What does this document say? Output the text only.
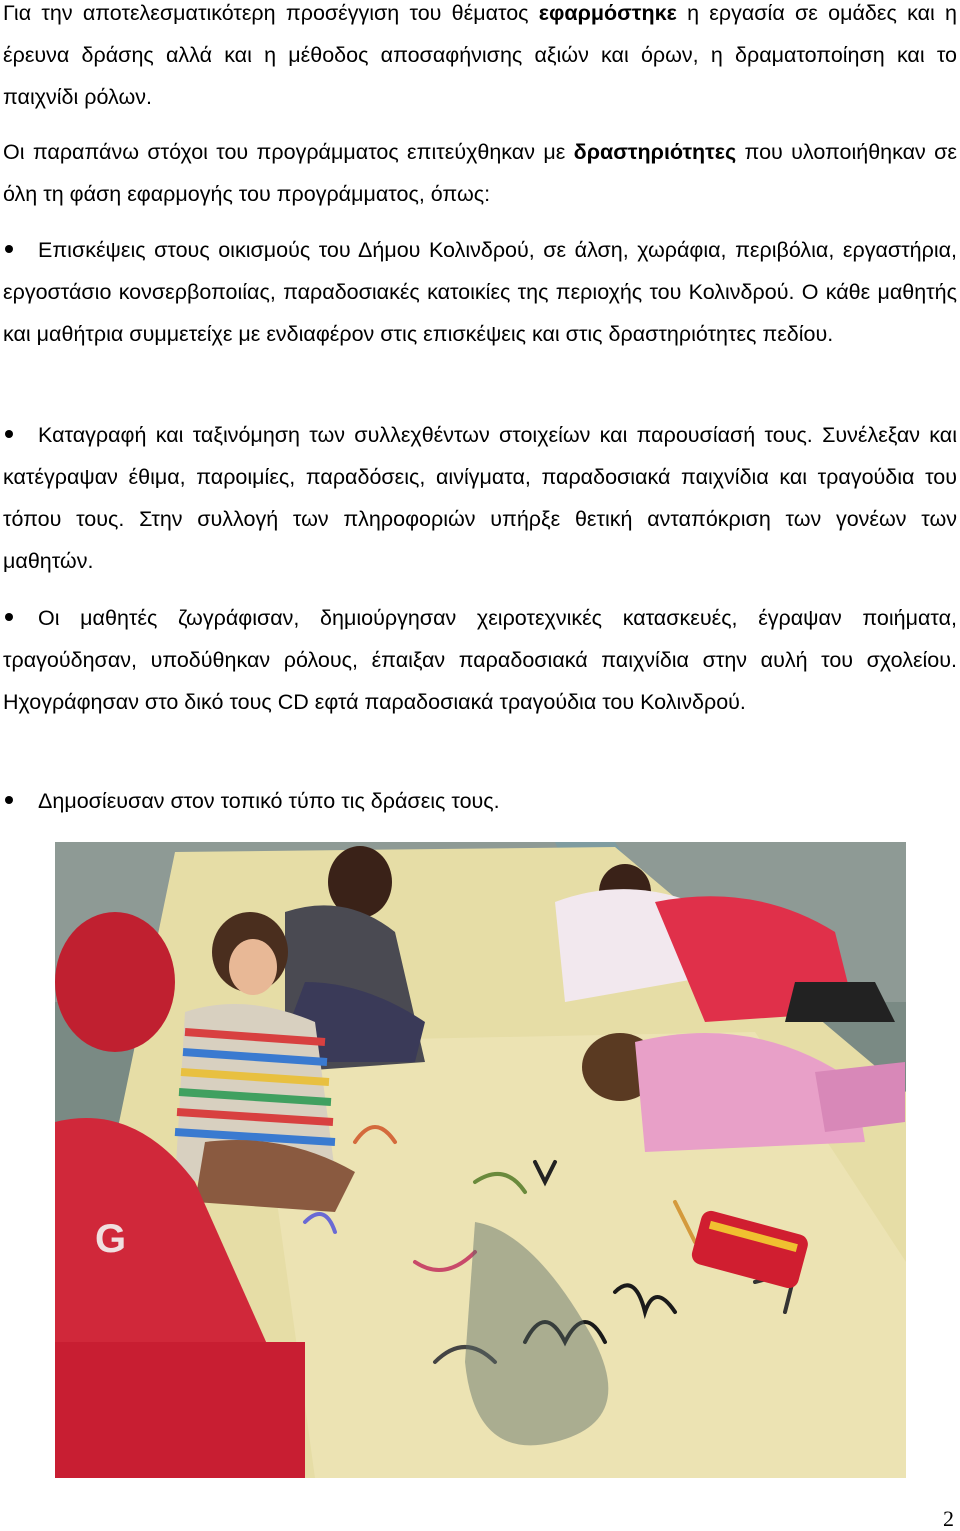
Για την αποτελεσματικότερη προσέγγιση του θέματος εφαρμόστηκε η εργασία σε ομάδες και η έρευνα δράσης αλλά και η μέθοδος αποσαφήνισης αξιών και όρων, η δραματοποίηση και το παιχνίδι ρόλων.

Οι παραπάνω στόχοι του προγράμματος επιτεύχθηκαν με δραστηριότητες που υλοποιήθηκαν σε όλη τη φάση εφαρμογής του προγράμματος, όπως:

Επισκέψεις στους οικισμούς του Δήμου Κολινδρού, σε άλση, χωράφια, περιβόλια, εργαστήρια, εργοστάσιο κονσερβοποιίας, παραδοσιακές κατοικίες της περιοχής του Κολινδρού. Ο κάθε μαθητής και μαθήτρια συμμετείχε με ενδιαφέρον στις επισκέψεις και στις δραστηριότητες πεδίου.

Καταγραφή και ταξινόμηση των συλλεχθέντων στοιχείων και παρουσίασή τους. Συνέλεξαν και κατέγραψαν έθιμα, παροιμίες, παραδόσεις, αινίγματα, παραδοσιακά παιχνίδια και τραγούδια του τόπου τους. Στην συλλογή των πληροφοριών υπήρξε θετική ανταπόκριση των γονέων των μαθητών.

Οι μαθητές ζωγράφισαν, δημιούργησαν χειροτεχνικές κατασκευές, έγραψαν ποιήματα, τραγούδησαν, υποδύθηκαν ρόλους, έπαιξαν παραδοσιακά παιχνίδια στην αυλή του σχολείου. Ηχογράφησαν στο δικό τους CD εφτά παραδοσιακά τραγούδια του Κολινδρού.

Δημοσίευσαν στον τοπικό τύπο τις δράσεις τους.

G
2
